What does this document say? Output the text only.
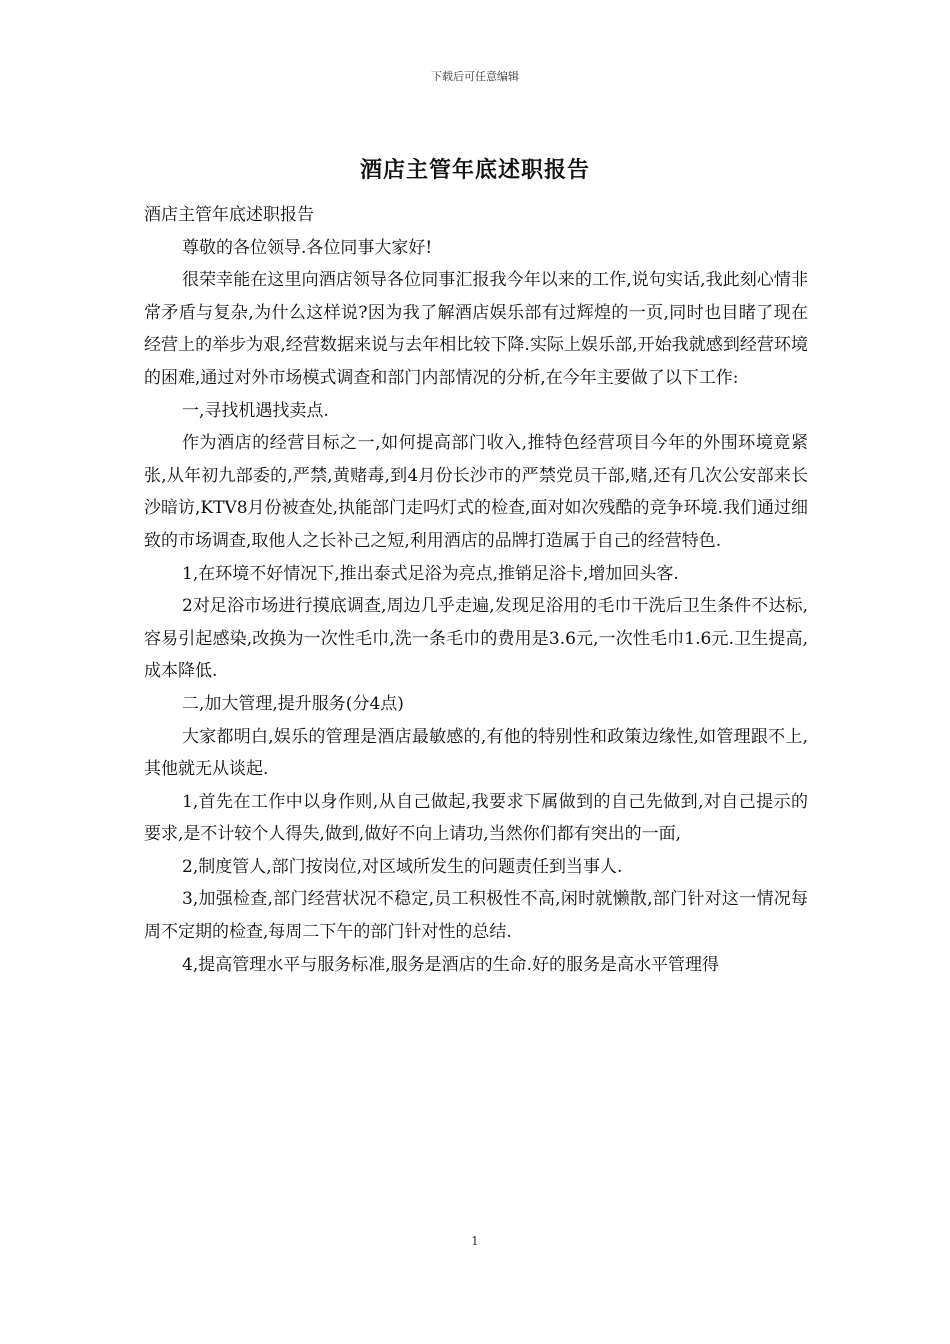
下载后可任意编辑
酒店主管年底述职报告

酒店主管年底述职报告

尊敬的各位领导.各位同事大家好!

很荣幸能在这里向酒店领导各位同事汇报我今年以来的工作,说句实话,我此刻心情非常矛盾与复杂,为什么这样说?因为我了解酒店娱乐部有过辉煌的一页,同时也目睹了现在经营上的举步为艰,经营数据来说与去年相比较下降.实际上娱乐部,开始我就感到经营环境的困难,通过对外市场模式调查和部门内部情况的分析,在今年主要做了以下工作:

一,寻找机遇找卖点.

作为酒店的经营目标之一,如何提高部门收入,推特色经营项目今年的外围环境竟紧张,从年初九部委的,严禁,黄赌毒,到4月份长沙市的严禁党员干部,赌,还有几次公安部来长沙暗访,KTV8月份被查处,执能部门走吗灯式的检查,面对如次残酷的竞争环境.我们通过细致的市场调查,取他人之长补己之短,利用酒店的品牌打造属于自己的经营特色.

1,在环境不好情况下,推出泰式足浴为亮点,推销足浴卡,增加回头客.

2对足浴市场进行摸底调查,周边几乎走遍,发现足浴用的毛巾干洗后卫生条件不达标,容易引起感染,改换为一次性毛巾,洗一条毛巾的费用是3.6元,一次性毛巾1.6元.卫生提高,成本降低.

二,加大管理,提升服务(分4点)

大家都明白,娱乐的管理是酒店最敏感的,有他的特别性和政策边缘性,如管理跟不上,其他就无从谈起.

1,首先在工作中以身作则,从自己做起,我要求下属做到的自己先做到,对自己提示的要求,是不计较个人得失,做到,做好不向上请功,当然你们都有突出的一面,

2,制度管人,部门按岗位,对区域所发生的问题责任到当事人.

3,加强检查,部门经营状况不稳定,员工积极性不高,闲时就懒散,部门针对这一情况每周不定期的检查,每周二下午的部门针对性的总结.

4,提高管理水平与服务标准,服务是酒店的生命.好的服务是高水平管理得

1
